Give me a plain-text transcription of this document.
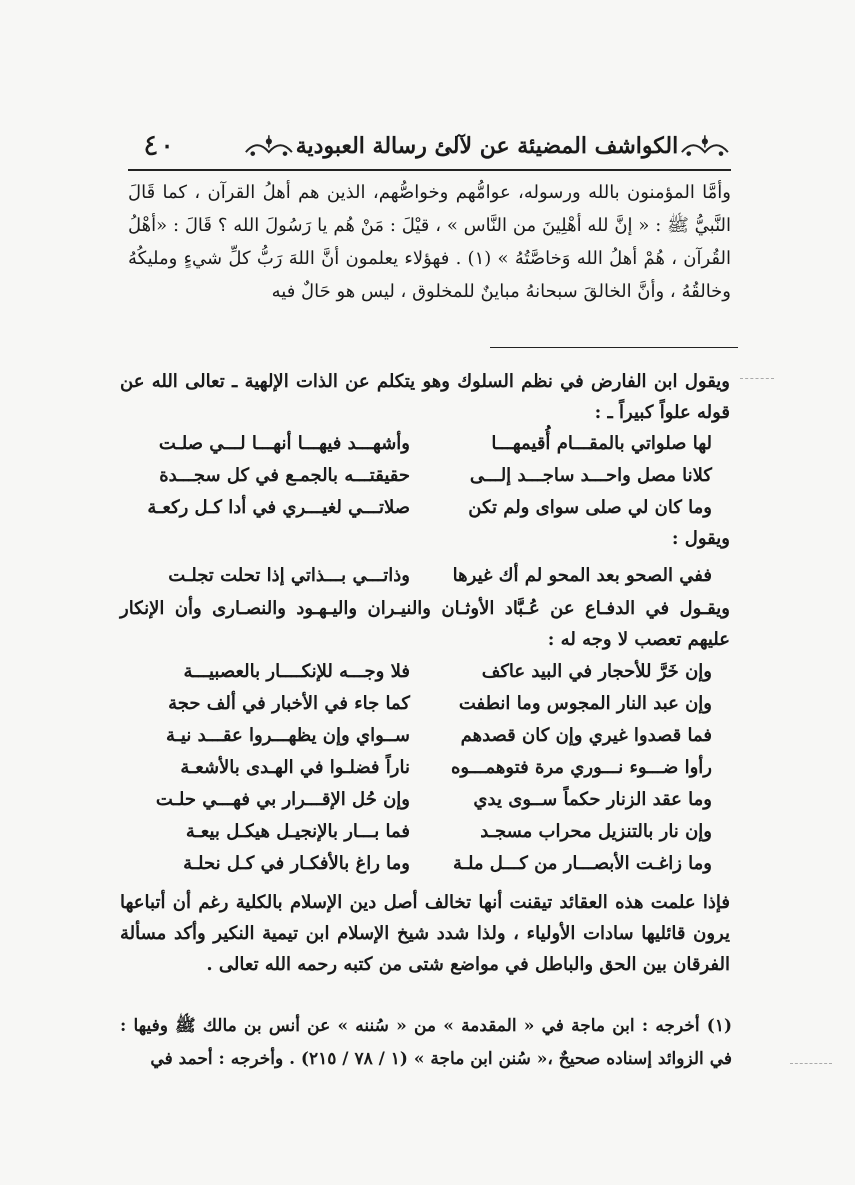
٤٠	الكواشف المضيئة عن لآلئ رسالة العبودية
وأمَّا المؤمنون بالله ورسوله، عوامُّهم وخواصُّهم، الذين هم أهلُ القرآن ، كما قَالَ النَّبيُّ ﷺ : « إنَّ لله أهْلِينَ من النَّاس » ، قيْلَ : مَنْ هُم يا رَسُولَ الله ؟ قَالَ : «أهْلُ القُرآن ، هُمْ أهلُ الله وَخاصَّتُهُ » (١) . فهؤلاء يعلمون أنَّ اللهَ رَبُّ كلِّ شيءٍ ومليكُهُ وخالقُهُ ، وأنَّ الخالقَ سبحانهُ مباينٌ للمخلوق ، ليس هو حَالٌ فيه
ويقول ابن الفارض في نظم السلوك وهو يتكلم عن الذات الإلهية ـ تعالى الله عن قوله علواً كبيراً ـ :
لها صلواتي بالمقـــام أُقيمهـــا
وأشهـــد فيهـــا أنهـــا لـــي صلـت
كلانا مصل واحـــد ساجـــد إلـــى
حقيقتـــه بالجمـع في كل سجـــدة
وما كان لي صلى سواى ولم تكن
صلاتـــي لغيـــري في أدا كـل ركعـة
ويقول :
ففي الصحو بعد المحو لم أك غيرها
وذاتـــي بـــذاتي إذا تحلت تجلـت
ويقـول في الدفـاع عن عُـبَّاد الأوثـان والنيـران واليـهـود والنصـارى وأن الإنكار عليهم تعصب لا وجه له :
وإن خَرَّ للأحجار في البيد عاكف
فلا وجـــه للإنكــــار بالعصبيـــة
وإن عبد النار المجوس وما انطفت
كما جاء في الأخبار في ألف حجة
فما قصدوا غيري وإن كان قصدهم
ســواي وإن يظهـــروا عقـــد نيـة
رأوا ضـــوء نـــوري مرة فتوهمـــوه
ناراً فضلـوا في الهـدى بالأشعـة
وما عقد الزنار حكماً ســوى يدي
وإن حُل الإقـــرار بي فهـــي حلـت
وإن نار بالتنزيل محراب مسجـد
فما بـــار بالإنجيـل هيكـل بيعـة
وما زاغـت الأبصـــار من كـــل ملـة
وما راغ بالأفكـار في كـل نحلـة
فإذا علمت هذه العقائد تيقنت أنها تخالف أصل دين الإسلام بالكلية رغم أن أتباعها يرون قائليها سادات الأولياء ، ولذا شدد شيخ الإسلام ابن تيمية النكير وأكد مسألة الفرقان بين الحق والباطل في مواضع شتى من كتبه رحمه الله تعالى .
(١) أخرجه : ابن ماجة في « المقدمة » من « سُننه » عن أنس بن مالك ﷺ وفيها : في الزوائد إسناده صحيحٌ ،« سُنن ابن ماجة » (١ / ٧٨ / ٢١٥) . وأخرجه : أحمد في
